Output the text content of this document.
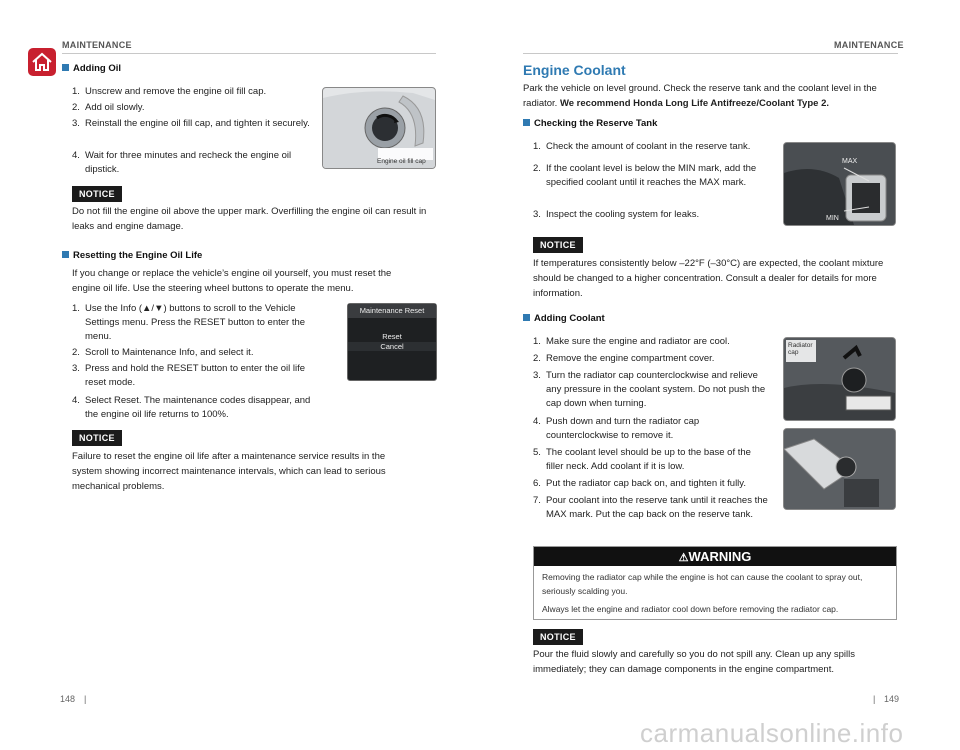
MAINTENANCE	MAINTENANCE
Adding Oil
1. Unscrew and remove the engine oil fill cap.
2. Add oil slowly.
3. Reinstall the engine oil fill cap, and tighten it securely.
4. Wait for three minutes and recheck the engine oil dipstick.
Engine oil fill cap
NOTICE
Do not fill the engine oil above the upper mark. Overfilling the engine oil can result in leaks and engine damage.
Resetting the Engine Oil Life
If you change or replace the vehicle’s engine oil yourself, you must reset the engine oil life. Use the steering wheel buttons to operate the menu.
1. Use the Info (▲/▼) buttons to scroll to the Vehicle Settings menu. Press the RESET button to enter the menu.
2. Scroll to Maintenance Info, and select it.
3. Press and hold the RESET button to enter the oil life reset mode.
4. Select Reset. The maintenance codes disappear, and the engine oil life returns to 100%.
Maintenance Reset
Reset
Cancel
NOTICE
Failure to reset the engine oil life after a maintenance service results in the system showing incorrect maintenance intervals, which can lead to serious mechanical problems.
148 |
Engine Coolant
Park the vehicle on level ground. Check the reserve tank and the coolant level in the radiator. We recommend Honda Long Life Antifreeze/Coolant Type 2.
Checking the Reserve Tank
1. Check the amount of coolant in the reserve tank.
2. If the coolant level is below the MIN mark, add the specified coolant until it reaches the MAX mark.
3. Inspect the cooling system for leaks.
MAX
MIN
NOTICE
If temperatures consistently below –22°F (–30°C) are expected, the coolant mixture should be changed to a higher concentration. Consult a dealer for details for more information.
Adding Coolant
1. Make sure the engine and radiator are cool.
2. Remove the engine compartment cover.
3. Turn the radiator cap counterclockwise and relieve any pressure in the coolant system. Do not push the cap down when turning.
4. Push down and turn the radiator cap counterclockwise to remove it.
5. The coolant level should be up to the base of the filler neck. Add coolant if it is low.
6. Put the radiator cap back on, and tighten it fully.
7. Pour coolant into the reserve tank until it reaches the MAX mark. Put the cap back on the reserve tank.
Radiator cap
⚠WARNING
Removing the radiator cap while the engine is hot can cause the coolant to spray out, seriously scalding you.
Always let the engine and radiator cool down before removing the radiator cap.
NOTICE
Pour the fluid slowly and carefully so you do not spill any. Clean up any spills immediately; they can damage components in the engine compartment.
| 149
carmanualsonline.info
